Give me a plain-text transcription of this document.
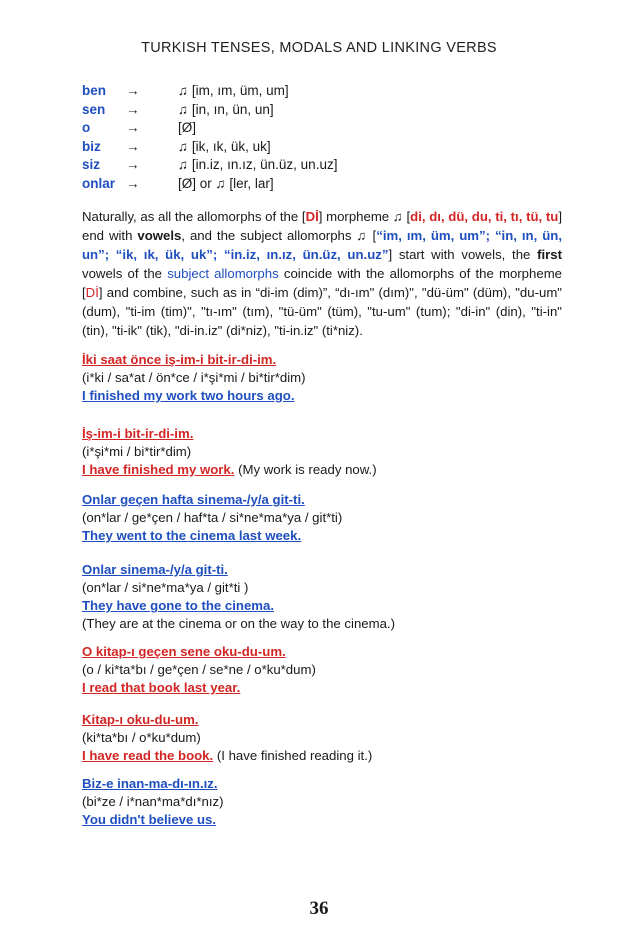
TURKISH TENSES, MODALS AND LINKING VERBS
ben	→	♫ [im, ım, üm, um]
sen	→	♫ [in, ın, ün, un]
o	→	[Ø]
biz	→	♫ [ik, ık, ük, uk]
siz	→	♫ [in.iz, ın.ız, ün.üz, un.uz]
onlar →	[Ø] or ♫ [ler, lar]

Naturally, as all the allomorphs of the [Dİ] morpheme ♫ [di, dı, dü, du, ti, tı, tü, tu] end with vowels, and the subject allomorphs ♫ [“im, ım, üm, um”; “in, ın, ün, un”; “ik, ık, ük, uk”; “in.iz, ın.ız, ün.üz, un.uz”] start with vowels, the first vowels of the subject allomorphs coincide with the allomorphs of the morpheme [Dİ] and combine, such as in “di-im (dim)”, “dı-ım" (dım)", "dü-üm" (düm), "du-um" (dum), "ti-im (tim)", "tı-ım" (tım), "tü-üm" (tüm), "tu-um" (tum); "di-in" (din), "ti-in" (tin), "ti-ik" (tik), "di-in.iz" (di*niz), "ti-in.iz" (ti*niz).

İki saat önce iş-im-i bit-ir-di-im.
(i*ki / sa*at / ön*ce / i*şi*mi / bi*tir*dim)
I finished my work two hours ago.
İş-im-i bit-ir-di-im.
(i*şi*mi / bi*tir*dim)
I have finished my work. (My work is ready now.)
Onlar geçen hafta sinema-/y/a git-ti.
(on*lar / ge*çen / haf*ta / si*ne*ma*ya / git*ti)
They went to the cinema last week.
Onlar sinema-/y/a git-ti.
(on*lar / si*ne*ma*ya / git*ti )
They have gone to the cinema.
(They are at the cinema or on the way to the cinema.)
O kitap-ı geçen sene oku-du-um.
(o / ki*ta*bı / ge*çen / se*ne / o*ku*dum)
I read that book last year.
Kitap-ı oku-du-um.
(ki*ta*bı / o*ku*dum)
I have read the book. (I have finished reading it.)
Biz-e inan-ma-dı-ın.ız.
(bi*ze / i*nan*ma*dı*nız)
You didn't believe us.
36
